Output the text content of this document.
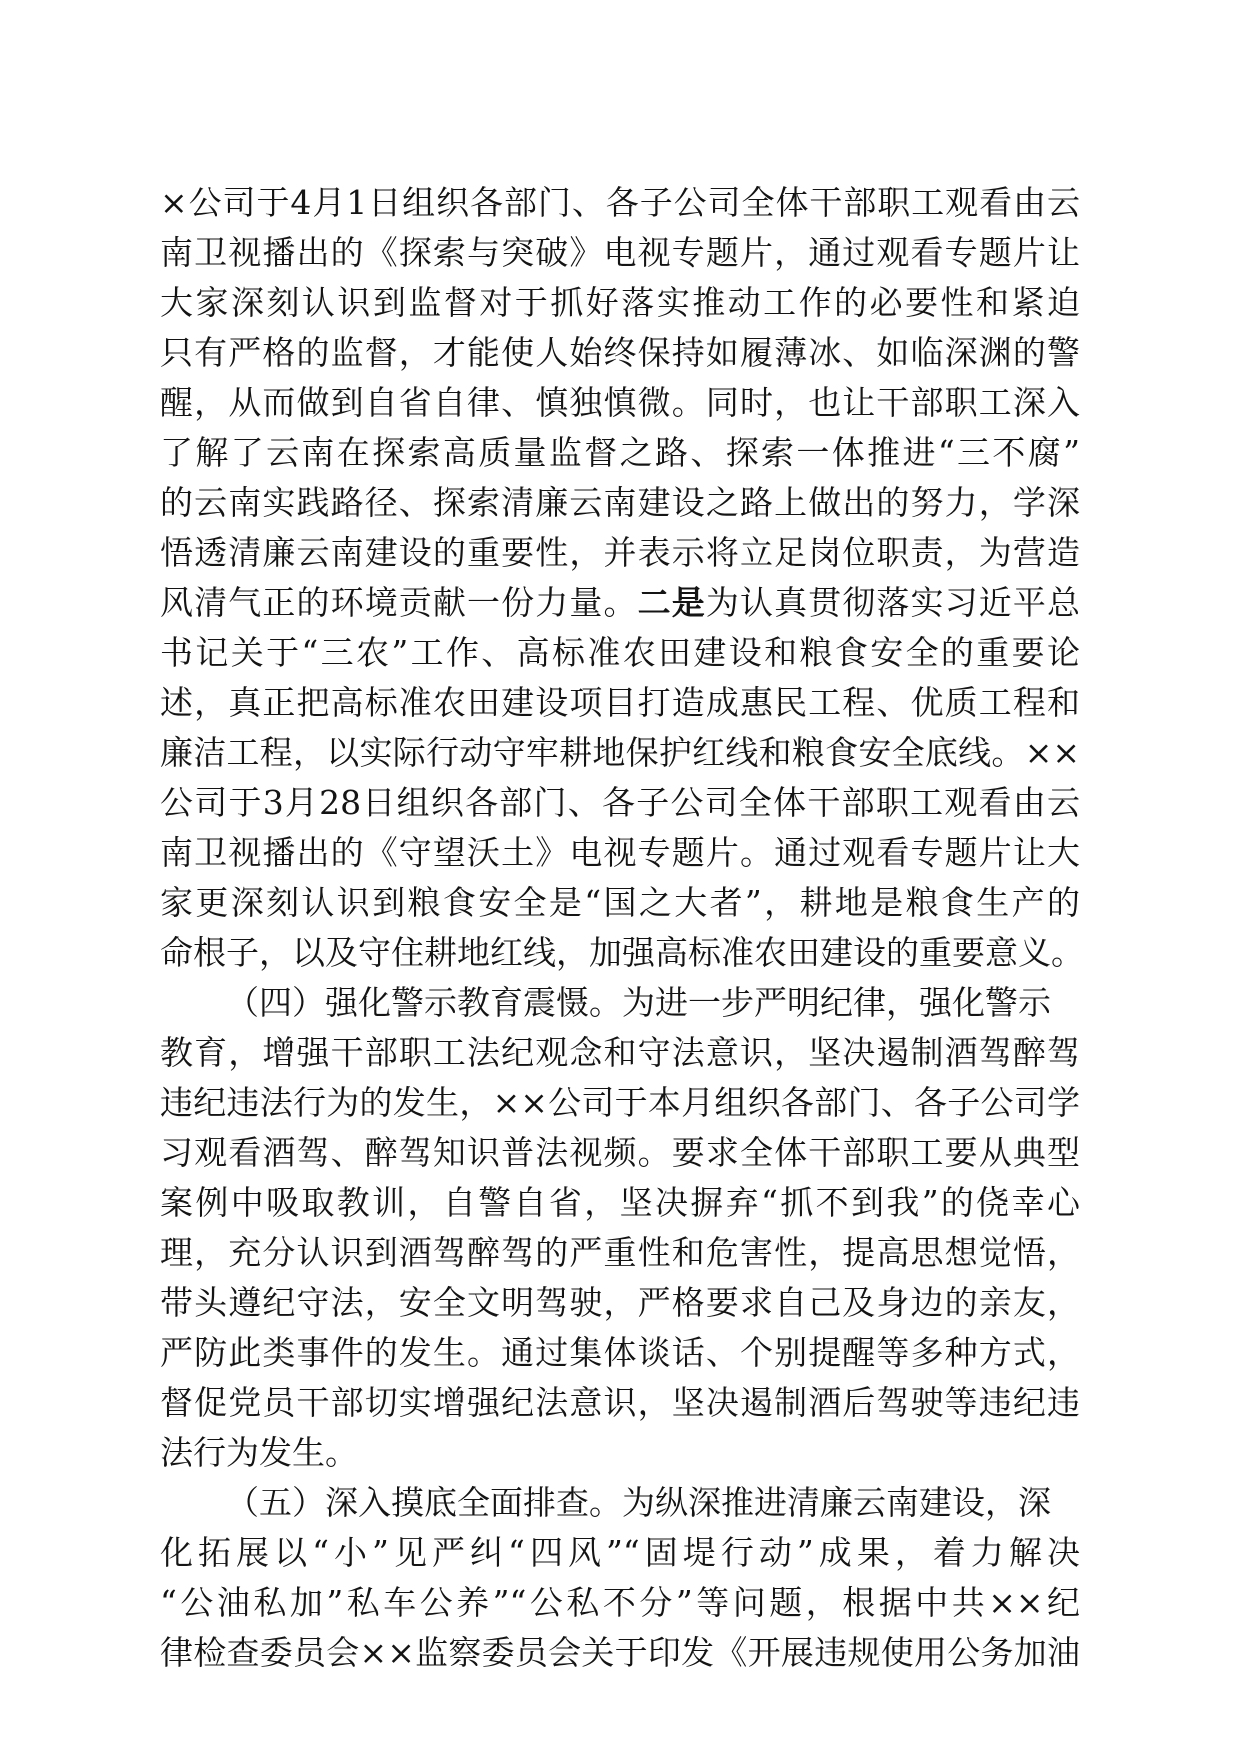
×公司于4月1日组织各部门、各子公司全体干部职工观看由云
南卫视播出的《探索与突破》电视专题片，通过观看专题片让
大家深刻认识到监督对于抓好落实推动工作的必要性和紧迫
只有严格的监督，才能使人始终保持如履薄冰、如临深渊的警
醒，从而做到自省自律、慎独慎微。同时，也让干部职工深入
了解了云南在探索高质量监督之路、探索一体推进“三不腐”
的云南实践路径、探索清廉云南建设之路上做出的努力，学深
悟透清廉云南建设的重要性，并表示将立足岗位职责，为营造
风清气正的环境贡献一份力量。二是为认真贯彻落实习近平总
书记关于“三农”工作、高标准农田建设和粮食安全的重要论
述，真正把高标准农田建设项目打造成惠民工程、优质工程和
廉洁工程，以实际行动守牢耕地保护红线和粮食安全底线。××
公司于3月28日组织各部门、各子公司全体干部职工观看由云
南卫视播出的《守望沃土》电视专题片。通过观看专题片让大
家更深刻认识到粮食安全是“国之大者”，耕地是粮食生产的
命根子，以及守住耕地红线，加强高标准农田建设的重要意义。
（四）强化警示教育震慑。为进一步严明纪律，强化警示
教育，增强干部职工法纪观念和守法意识，坚决遏制酒驾醉驾
违纪违法行为的发生，××公司于本月组织各部门、各子公司学
习观看酒驾、醉驾知识普法视频。要求全体干部职工要从典型
案例中吸取教训，自警自省，坚决摒弃“抓不到我”的侥幸心
理，充分认识到酒驾醉驾的严重性和危害性，提高思想觉悟，
带头遵纪守法，安全文明驾驶，严格要求自己及身边的亲友，
严防此类事件的发生。通过集体谈话、个别提醒等多种方式，
督促党员干部切实增强纪法意识，坚决遏制酒后驾驶等违纪违
法行为发生。
（五）深入摸底全面排查。为纵深推进清廉云南建设，深
化拓展以“小”见严纠“四风”“固堤行动”成果，着力解决
“公油私加”私车公养”“公私不分”等问题，根据中共××纪
律检查委员会××监察委员会关于印发《开展违规使用公务加油
